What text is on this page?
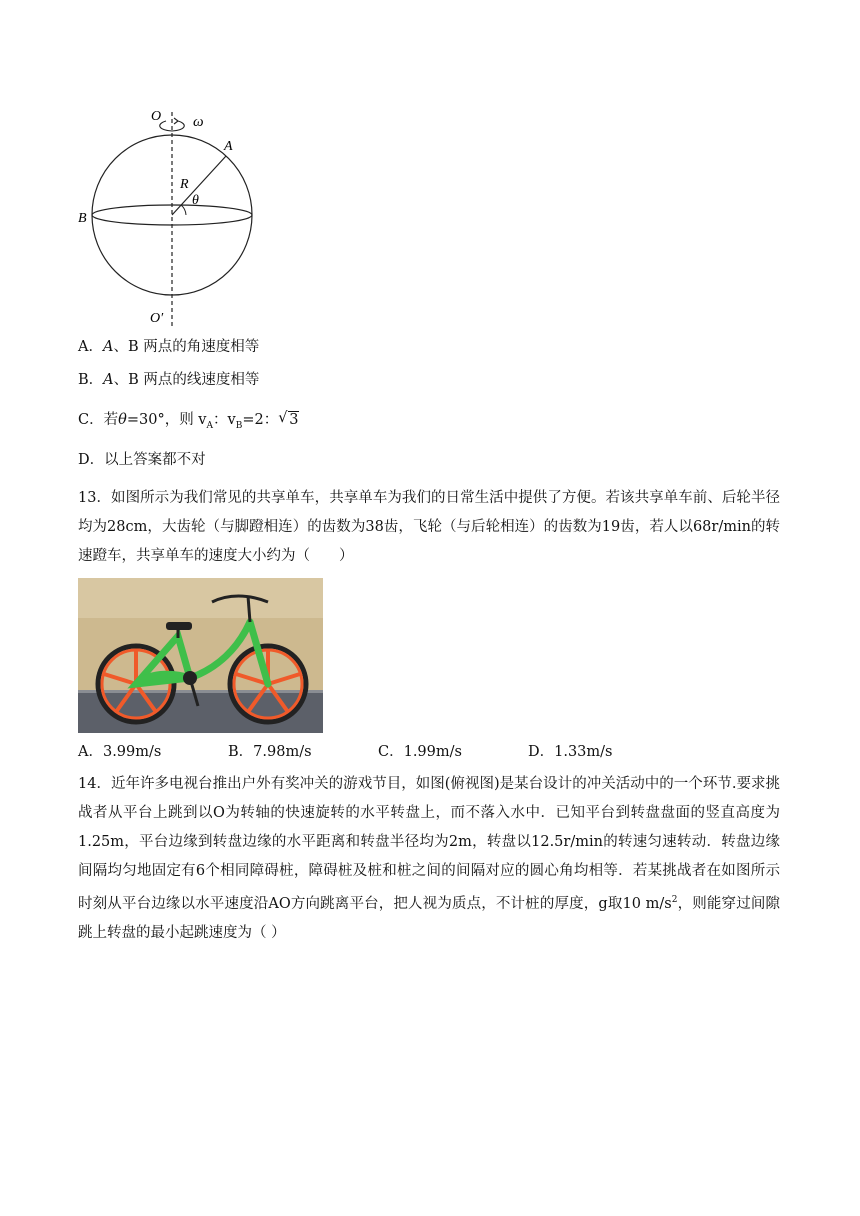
O ω
A
R
θ
B
O′
A．A、B 两点的角速度相等
B．A、B 两点的线速度相等
C．若θ=30°，则 $v_A$：$v_B=2$：√ 3
D．以上答案都不对
13．如图所示为我们常见的共享单车，共享单车为我们的日常生活中提供了方便。若该共享单车前、后轮半径均为28cm，大齿轮（与脚蹬相连）的齿数为38齿，飞轮（与后轮相连）的齿数为19齿，若人以68r/min的转速蹬车，共享单车的速度大小约为（　　）
A．3.99m/s	B．7.98m/s	C．1.99m/s	D．1.33m/s
14．近年许多电视台推出户外有奖冲关的游戏节目，如图(俯视图)是某台设计的冲关活动中的一个环节.要求挑战者从平台上跳到以O为转轴的快速旋转的水平转盘上，而不落入水中．已知平台到转盘盘面的竖直高度为1.25m，平台边缘到转盘边缘的水平距离和转盘半径均为2m，转盘以12.5r/min的转速匀速转动．转盘边缘间隔均匀地固定有6个相同障碍桩，障碍桩及桩和桩之间的间隔对应的圆心角均相等．若某挑战者在如图所示时刻从平台边缘以水平速度沿AO方向跳离平台，把人视为质点，不计桩的厚度，g取10 $m/s^2$，则能穿过间隙跳上转盘的最小起跳速度为（ ）
